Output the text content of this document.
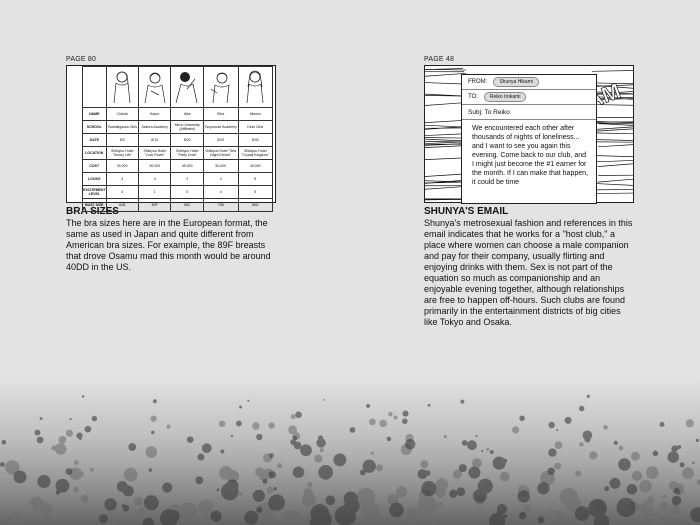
PAGE 80

NAME	Chizuki	Kaoru	Aika	Rina	Mizuku
SCHOOL	Tsubakigaoka Girls	Sakura Academy	Mirun University (Affiliated)	Tsuyunose Academy	Kinki Girls
DATE	8/3	8/10	8/20	8/20	8/30
LOCATION	Shikiyuu Hotel "Honey Life"	Shikiyuu Hotel "Love Rover"	Shikiyuu Hotel "Party Zone"	Shikiyuu Hotel "Sea Night Dream"	Shikiyuu Hotel "Crystal Kingdom"
COST	30,000	30,000	45,000	50,000	35,000
LOOKS	3	4	2	4	5
EXCITEMENT LEVEL	3	1	0	4	5
BUST SIZE	62B	89F	65C	79B	80D
BRA SIZES

The bra sizes here are in the European format, the same as used in Japan and quite different from American bra sizes. For example, the 89F breasts that drove Osamu mad this month would be around 40DD in the US.

PAGE 48
FROM:	Shunya Hikami
TO:	Reiko Irokami
Subj: To Reiko
We encountered each other after thousands of nights of loneliness... and I want to see you again this evening. Come back to our club, and I might just become the #1 earner for the month. If I can make that happen, it could be time
SHUNYA'S EMAIL

Shunya's metrosexual fashion and references in this email indicates that he works for a "host club," a place where women can choose a male companion and pay for their company, usually flirting and enjoying drinks with them. Sex is not part of the equation so much as companionship and an enjoyable evening together, although relationships are free to happen off-hours. Such clubs are found primarily in the entertainment districts of big cities like Tokyo and Osaka.
